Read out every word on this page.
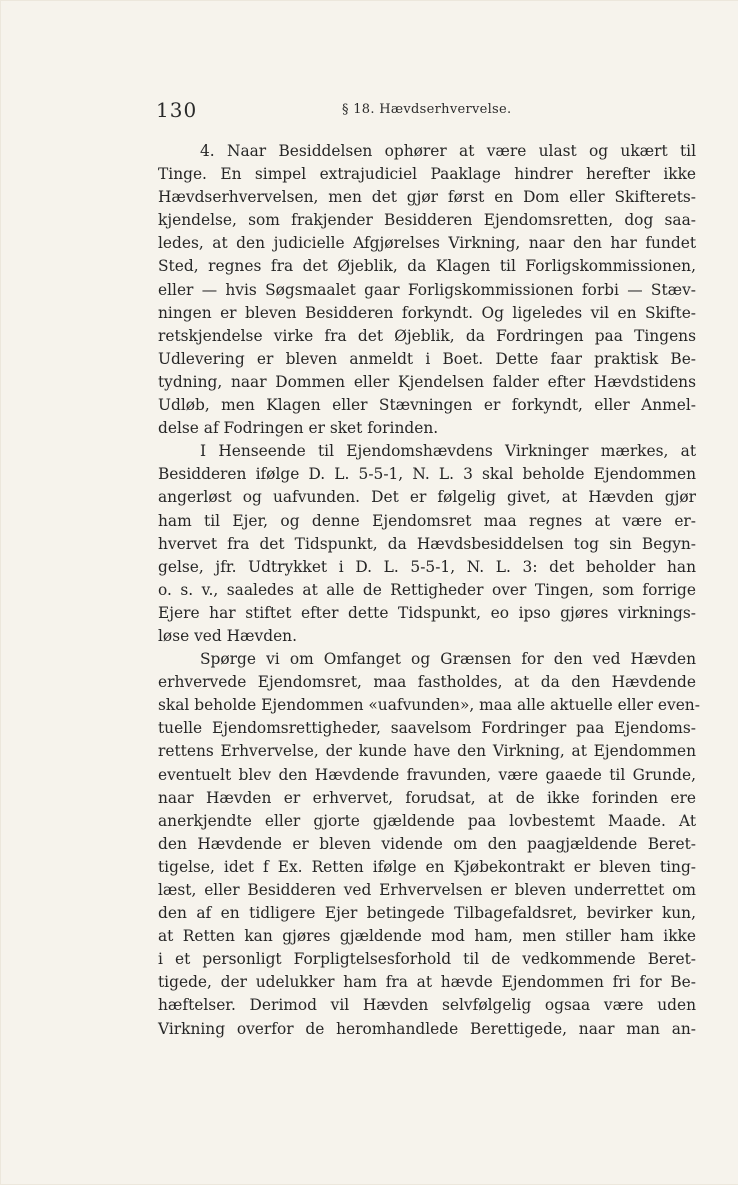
130	§ 18. Hævdserhvervelse.
4. Naar Besiddelsen ophører at være ulast og ukært til
Tinge. En simpel extrajudiciel Paaklage hindrer herefter ikke
Hævdserhvervelsen, men det gjør først en Dom eller Skifterets-
kjendelse, som frakjender Besidderen Ejendomsretten, dog saa-
ledes, at den judicielle Afgjørelses Virkning, naar den har fundet
Sted, regnes fra det Øjeblik, da Klagen til Forligskommissionen,
eller — hvis Søgsmaalet gaar Forligskommissionen forbi — Stæv-
ningen er bleven Besidderen forkyndt. Og ligeledes vil en Skifte-
retskjendelse virke fra det Øjeblik, da Fordringen paa Tingens
Udlevering er bleven anmeldt i Boet. Dette faar praktisk Be-
tydning, naar Dommen eller Kjendelsen falder efter Hævdstidens
Udløb, men Klagen eller Stævningen er forkyndt, eller Anmel-
delse af Fodringen er sket forinden.
I Henseende til Ejendomshævdens Virkninger mærkes, at
Besidderen ifølge D. L. 5-5-1, N. L. 3 skal beholde Ejendommen
angerløst og uafvunden. Det er følgelig givet, at Hævden gjør
ham til Ejer, og denne Ejendomsret maa regnes at være er-
hvervet fra det Tidspunkt, da Hævdsbesiddelsen tog sin Begyn-
gelse, jfr. Udtrykket i D. L. 5-5-1, N. L. 3: det beholder han
o. s. v., saaledes at alle de Rettigheder over Tingen, som forrige
Ejere har stiftet efter dette Tidspunkt, eo ipso gjøres virknings-
løse ved Hævden.
Spørge vi om Omfanget og Grænsen for den ved Hævden
erhvervede Ejendomsret, maa fastholdes, at da den Hævdende
skal beholde Ejendommen «uafvunden», maa alle aktuelle eller even-
tuelle Ejendomsrettigheder, saavelsom Fordringer paa Ejendoms-
rettens Erhvervelse, der kunde have den Virkning, at Ejendommen
eventuelt blev den Hævdende fravunden, være gaaede til Grunde,
naar Hævden er erhvervet, forudsat, at de ikke forinden ere
anerkjendte eller gjorte gjældende paa lovbestemt Maade. At
den Hævdende er bleven vidende om den paagjældende Beret-
tigelse, idet f Ex. Retten ifølge en Kjøbekontrakt er bleven ting-
læst, eller Besidderen ved Erhvervelsen er bleven underrettet om
den af en tidligere Ejer betingede Tilbagefaldsret, bevirker kun,
at Retten kan gjøres gjældende mod ham, men stiller ham ikke
i et personligt Forpligtelsesforhold til de vedkommende Beret-
tigede, der udelukker ham fra at hævde Ejendommen fri for Be-
hæftelser. Derimod vil Hævden selvfølgelig ogsaa være uden
Virkning overfor de heromhandlede Berettigede, naar man an-
